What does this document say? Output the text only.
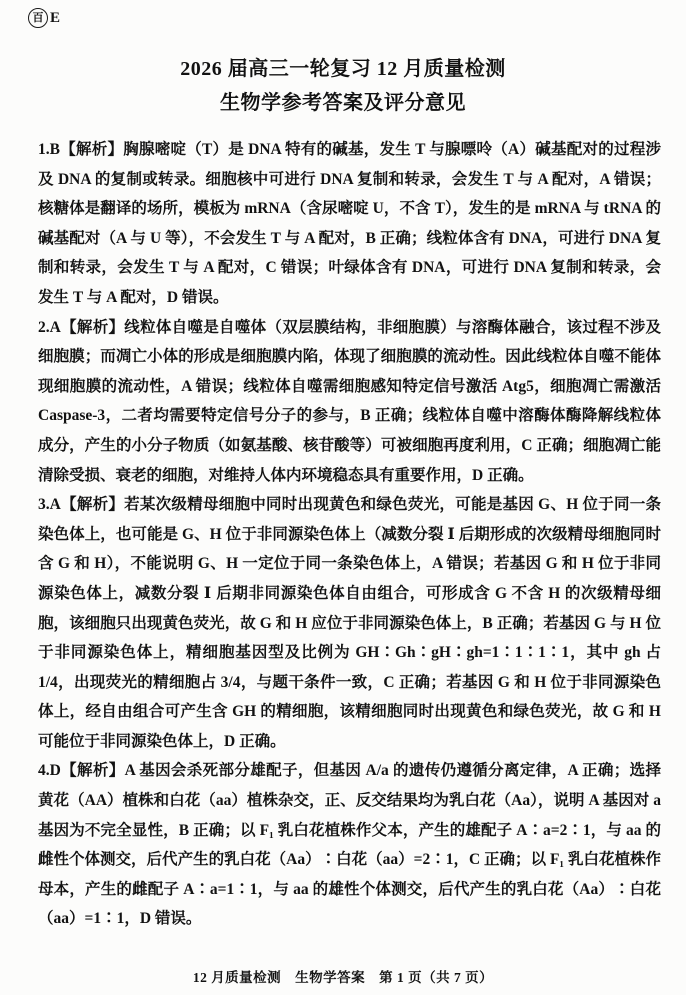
百 E
2026 届高三一轮复习 12 月质量检测
生物学参考答案及评分意见

1.B【解析】胸腺嘧啶（T）是 DNA 特有的碱基，发生 T 与腺嘌呤（A）碱基配对的过程涉及 DNA 的复制或转录。细胞核中可进行 DNA 复制和转录，会发生 T 与 A 配对，A 错误；核糖体是翻译的场所，模板为 mRNA（含尿嘧啶 U，不含 T），发生的是 mRNA 与 tRNA 的碱基配对（A 与 U 等），不会发生 T 与 A 配对，B 正确；线粒体含有 DNA，可进行 DNA 复制和转录，会发生 T 与 A 配对，C 错误；叶绿体含有 DNA，可进行 DNA 复制和转录，会发生 T 与 A 配对，D 错误。

2.A【解析】线粒体自噬是自噬体（双层膜结构，非细胞膜）与溶酶体融合，该过程不涉及细胞膜；而凋亡小体的形成是细胞膜内陷，体现了细胞膜的流动性。因此线粒体自噬不能体现细胞膜的流动性，A 错误；线粒体自噬需细胞感知特定信号激活 Atg5，细胞凋亡需激活 Caspase-3，二者均需要特定信号分子的参与，B 正确；线粒体自噬中溶酶体酶降解线粒体成分，产生的小分子物质（如氨基酸、核苷酸等）可被细胞再度利用，C 正确；细胞凋亡能清除受损、衰老的细胞，对维持人体内环境稳态具有重要作用，D 正确。

3.A【解析】若某次级精母细胞中同时出现黄色和绿色荧光，可能是基因 G、H 位于同一条染色体上，也可能是 G、H 位于非同源染色体上（减数分裂 Ⅰ 后期形成的次级精母细胞同时含 G 和 H），不能说明 G、H 一定位于同一条染色体上，A 错误；若基因 G 和 H 位于非同源染色体上，减数分裂 Ⅰ 后期非同源染色体自由组合，可形成含 G 不含 H 的次级精母细胞，该细胞只出现黄色荧光，故 G 和 H 应位于非同源染色体上，B 正确；若基因 G 与 H 位于非同源染色体上，精细胞基因型及比例为 GH∶Gh∶gH∶gh=1∶1∶1∶1，其中 gh 占 1/4，出现荧光的精细胞占 3/4，与题干条件一致，C 正确；若基因 G 和 H 位于非同源染色体上，经自由组合可产生含 GH 的精细胞，该精细胞同时出现黄色和绿色荧光，故 G 和 H 可能位于非同源染色体上，D 正确。

4.D【解析】A 基因会杀死部分雄配子，但基因 A/a 的遗传仍遵循分离定律，A 正确；选择黄花（AA）植株和白花（aa）植株杂交，正、反交结果均为乳白花（Aa），说明 A 基因对 a 基因为不完全显性，B 正确；以 F₁ 乳白花植株作父本，产生的雄配子 A∶a=2∶1，与 aa 的雌性个体测交，后代产生的乳白花（Aa）∶白花（aa）=2∶1，C 正确；以 F₁ 乳白花植株作母本，产生的雌配子 A∶a=1∶1，与 aa 的雄性个体测交，后代产生的乳白花（Aa）∶白花（aa）=1∶1，D 错误。

12 月质量检测　生物学答案　第 1 页（共 7 页）
